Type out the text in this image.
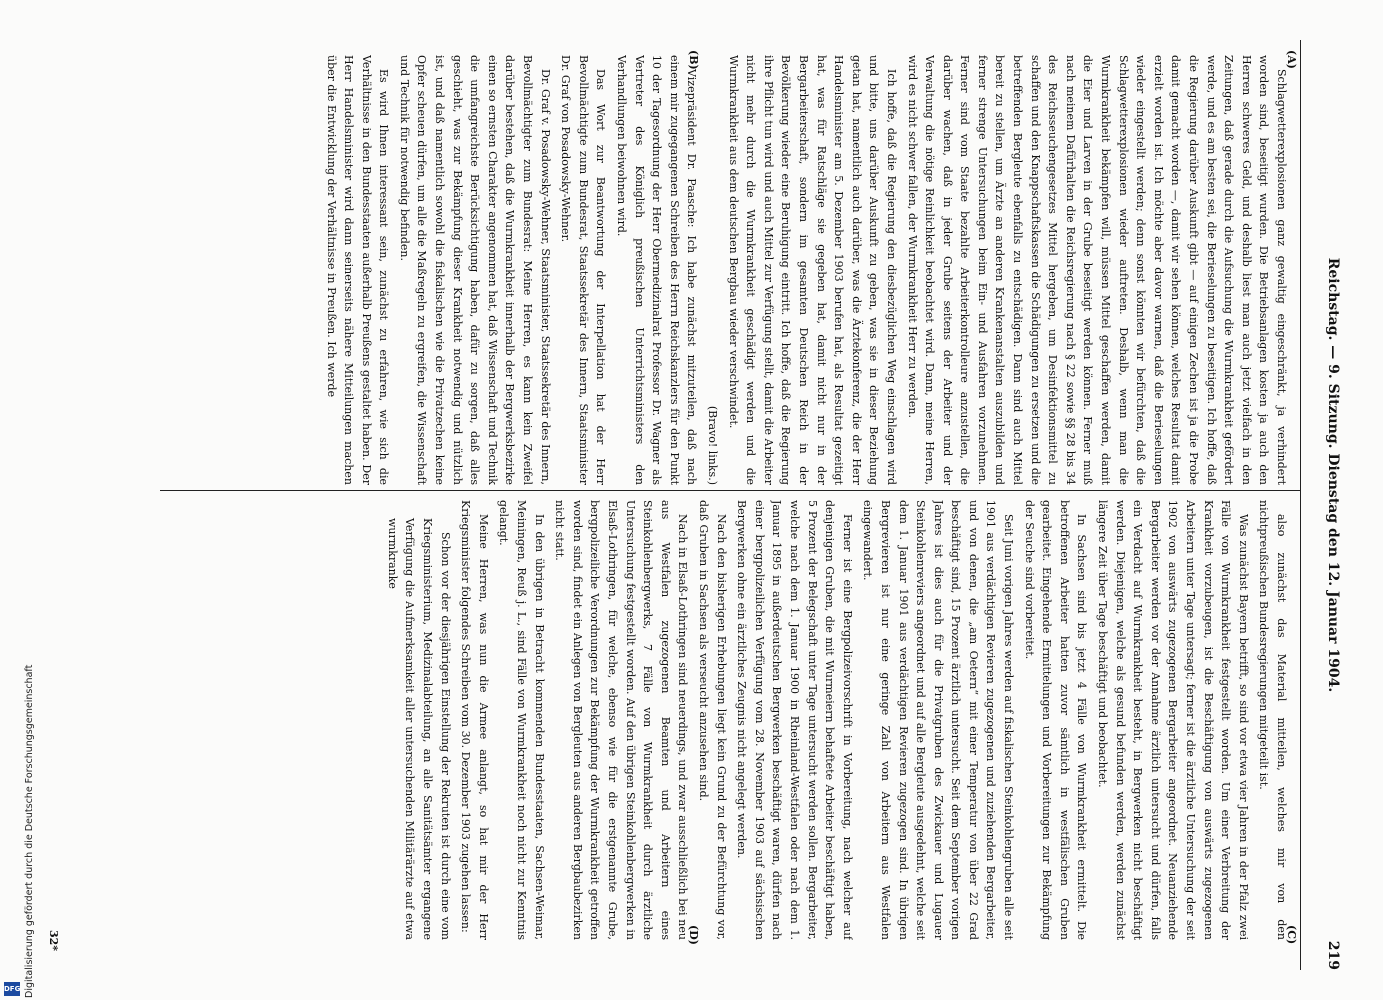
Reichstag. — 9. Sitzung. Dienstag den 12. Januar 1904.
219
(A)
(B)
(C)
(D)

Schlagwetterexplosionen ganz gewaltig eingeschränkt, ja verhindert worden sind, beseitigt wurden. Die Betriebsanlagen kosten ja auch den Herren schweres Geld, und deshalb liest man auch jetzt vielfach in den Zeitungen, daß gerade durch die Aufsuchung die Wurmkrankheit gefördert werde, und es am besten sei, die Berieselungen zu beseitigen. Ich hoffe, daß die Regierung darüber Auskunft gibt — auf einigen Zechen ist ja die Probe damit gemacht worden —, damit wir sehen können, welches Resultat damit erzielt worden ist. Ich möchte aber davor warnen, daß die Berieselungen wieder eingestellt werden; denn sonst könnten wir befürchten, daß die Schlagwetterexplosionen wieder auftreten. Deshalb, wenn man die Wurmkrankheit bekämpfen will, müssen Mittel geschaffen werden, damit die Eier und Larven in der Grube beseitigt werden können. Ferner muß nach meinem Dafürhalten die Reichsregierung nach § 22 sowie §§ 28 bis 34 des Reichsseuchengesetzes Mittel hergeben, um Desinfektionsmittel zu schaffen und den Knappschaftskassen die Schädigungen zu ersetzen und die betreffenden Bergleute ebenfalls zu entschädigen. Dann sind auch Mittel bereit zu stellen, um Ärzte an anderen Krankenanstalten auszubilden und ferner strenge Untersuchungen beim Ein- und Ausfahren vorzunehmen. Ferner sind vom Staate bezahlte Arbeiterkontrolleure anzustellen, die darüber wachen, daß in jeder Grube seitens der Arbeiter und der Verwaltung die nötige Reinlichkeit beobachtet wird. Dann, meine Herren, wird es nicht schwer fallen, der Wurmkrankheit Herr zu werden.

Ich hoffe, daß die Regierung den diesbezüglichen Weg einschlagen wird und bitte, uns darüber Auskunft zu geben, was sie in dieser Beziehung getan hat, namentlich auch darüber, was die Ärztekonferenz, die der Herr Handelsminister am 5. Dezember 1903 berufen hat, als Resultat gezeitigt hat, was für Ratschläge sie gegeben hat, damit nicht nur in der Bergarbeiterschaft, sondern im gesamten Deutschen Reich in der Bevölkerung wieder eine Beruhigung eintritt. Ich hoffe, daß die Regierung ihre Pflicht tun wird und auch Mittel zur Verfügung stellt, damit die Arbeiter nicht mehr durch die Wurmkrankheit geschädigt werden und die Wurmkrankheit aus dem deutschen Bergbau wieder verschwindet.

(Bravo! links.)

Vizepräsident Dr. Paasche: Ich habe zunächst mitzuteilen, daß nach einem mir zugegangenen Schreiben des Herrn Reichskanzlers für den Punkt 10 der Tagesordnung der Herr Obermedizinalrat Professor Dr. Wagner als Vertreter des Königlich preußischen Unterrichtsministers den Verhandlungen beiwohnen wird.

Das Wort zur Beantwortung der Interpellation hat der Herr Bevollmächtigte zum Bundesrat, Staatssekretär des Innern, Staatsminister Dr. Graf von Posadowsky-Wehner.

Dr. Graf v. Posadowsky-Wehner, Staatsminister, Staatssekretär des Innern, Bevollmächtigter zum Bundesrat: Meine Herren, es kann kein Zweifel darüber bestehen, daß die Wurmkrankheit innerhalb der Bergwerksbezirke einen so ernsten Charakter angenommen hat, daß Wissenschaft und Technik die umfangreichste Berücksichtigung haben, dafür zu sorgen, daß alles geschieht, was zur Bekämpfung dieser Krankheit notwendig und nützlich ist, und daß namentlich sowohl die fiskalischen wie die Privatzechen keine Opfer scheuen dürfen, um alle die Maßregeln zu ergreifen, die Wissenschaft und Technik für notwendig befinden.

Es wird Ihnen interessant sein, zunächst zu erfahren, wie sich die Verhältnisse in den Bundesstaaten außerhalb Preußens gestaltet haben. Der Herr Handelsminister wird dann seinerseits nähere Mitteilungen machen über die Entwicklung der Verhältnisse in Preußen. Ich werde

also zunächst das Material mitteilen, welches mir von den nichtpreußischen Bundesregierungen mitgeteilt ist.

Was zunächst Bayern betrifft, so sind vor etwa vier Jahren in der Pfalz zwei Fälle von Wurmkrankheit festgestellt worden. Um einer Verbreitung der Krankheit vorzubeugen, ist die Beschäftigung von auswärts zugezogenen Arbeitern unter Tage untersagt; ferner ist die ärztliche Untersuchung der seit 1902 von auswärts zugezogenen Bergarbeiter angeordnet. Neuanziehende Bergarbeiter werden vor der Annahme ärztlich untersucht und dürfen, falls ein Verdacht auf Wurmkrankheit besteht, in Bergwerken nicht beschäftigt werden. Diejenigen, welche als gesund befunden werden, werden zunächst längere Zeit über Tage beschäftigt und beobachtet.

In Sachsen sind bis jetzt 4 Fälle von Wurmkrankheit ermittelt. Die betroffenen Arbeiter hatten zuvor sämtlich in westfälischen Gruben gearbeitet. Eingehende Ermittelungen und Vorbereitungen zur Bekämpfung der Seuche sind vorbereitet.

Seit Juni vorigen Jahres werden auf fiskalischen Steinkohlengruben alle seit 1901 aus verdächtigen Revieren zugezogenen und zuziehenden Bergarbeiter, und von denen, die „am Oetern“ mit einer Temperatur von über 22 Grad beschäftigt sind, 15 Prozent ärztlich untersucht. Seit dem September vorigen Jahres ist dies auch für die Privatgruben des Zwickauer und Lugauer Steinkohlenreviers angeordnet und auf alle Bergleute ausgedehnt, welche seit dem 1. Januar 1901 aus verdächtigen Revieren zugezogen sind. In übrigen Bergrevieren ist nur eine geringe Zahl von Arbeitern aus Westfalen eingewandert.

Ferner ist eine Bergpolizeivorschrift in Vorbereitung, nach welcher auf denjenigen Gruben, die mit Wurmeiern behaftete Arbeiter beschäftigt haben, 5 Prozent der Belegschaft unter Tage untersucht werden sollen. Bergarbeiter, welche nach dem 1. Januar 1900 in Rheinland-Westfalen oder nach dem 1. Januar 1895 in außerdeutschen Bergwerken beschäftigt waren, dürfen nach einer bergpolizeilichen Verfügung vom 28. November 1903 auf sächsischen Bergwerken ohne ein ärztliches Zeugnis nicht angelegt werden.

Nach den bisherigen Erhebungen liegt kein Grund zu der Befürchtung vor, daß Gruben in Sachsen als verseucht anzusehen sind.

Nach in Elsaß-Lothringen sind neuerdings, und zwar ausschließlich bei neu aus Westfalen zugezogenen Beamten und Arbeitern eines Steinkohlenbergwerks, 7 Fälle von Wurmkrankheit durch ärztliche Untersuchung festgestellt worden. Auf den übrigen Steinkohlenbergwerken in Elsaß-Lothringen, für welche, ebenso wie für die erstgenannte Grube, bergpolizeiliche Verordnungen zur Bekämpfung der Wurmkrankheit getroffen worden sind, findet ein Anlegen von Bergleuten aus anderen Bergbaubezirken nicht statt.

In den übrigen in Betracht kommenden Bundesstaaten, Sachsen-Weimar, Meiningen, Reuß j. L., sind Fälle von Wurmkrankheit noch nicht zur Kenntnis gelangt.

Meine Herren, was nun die Armee anlangt, so hat mir der Herr Kriegsminister folgendes Schreiben vom 30. Dezember 1903 zugehen lassen:

Schon vor der diesjährigen Einstellung der Rekruten ist durch eine vom Kriegsministerium, Medizinalabteilung, an alle Sanitätsämter ergangene Verfügung die Aufmerksamkeit aller untersuchenden Militärärzte auf etwa wurmkranke

32*
Digitalisierung gefördert durch die Deutsche Forschungsgemeinschaft
DFG
